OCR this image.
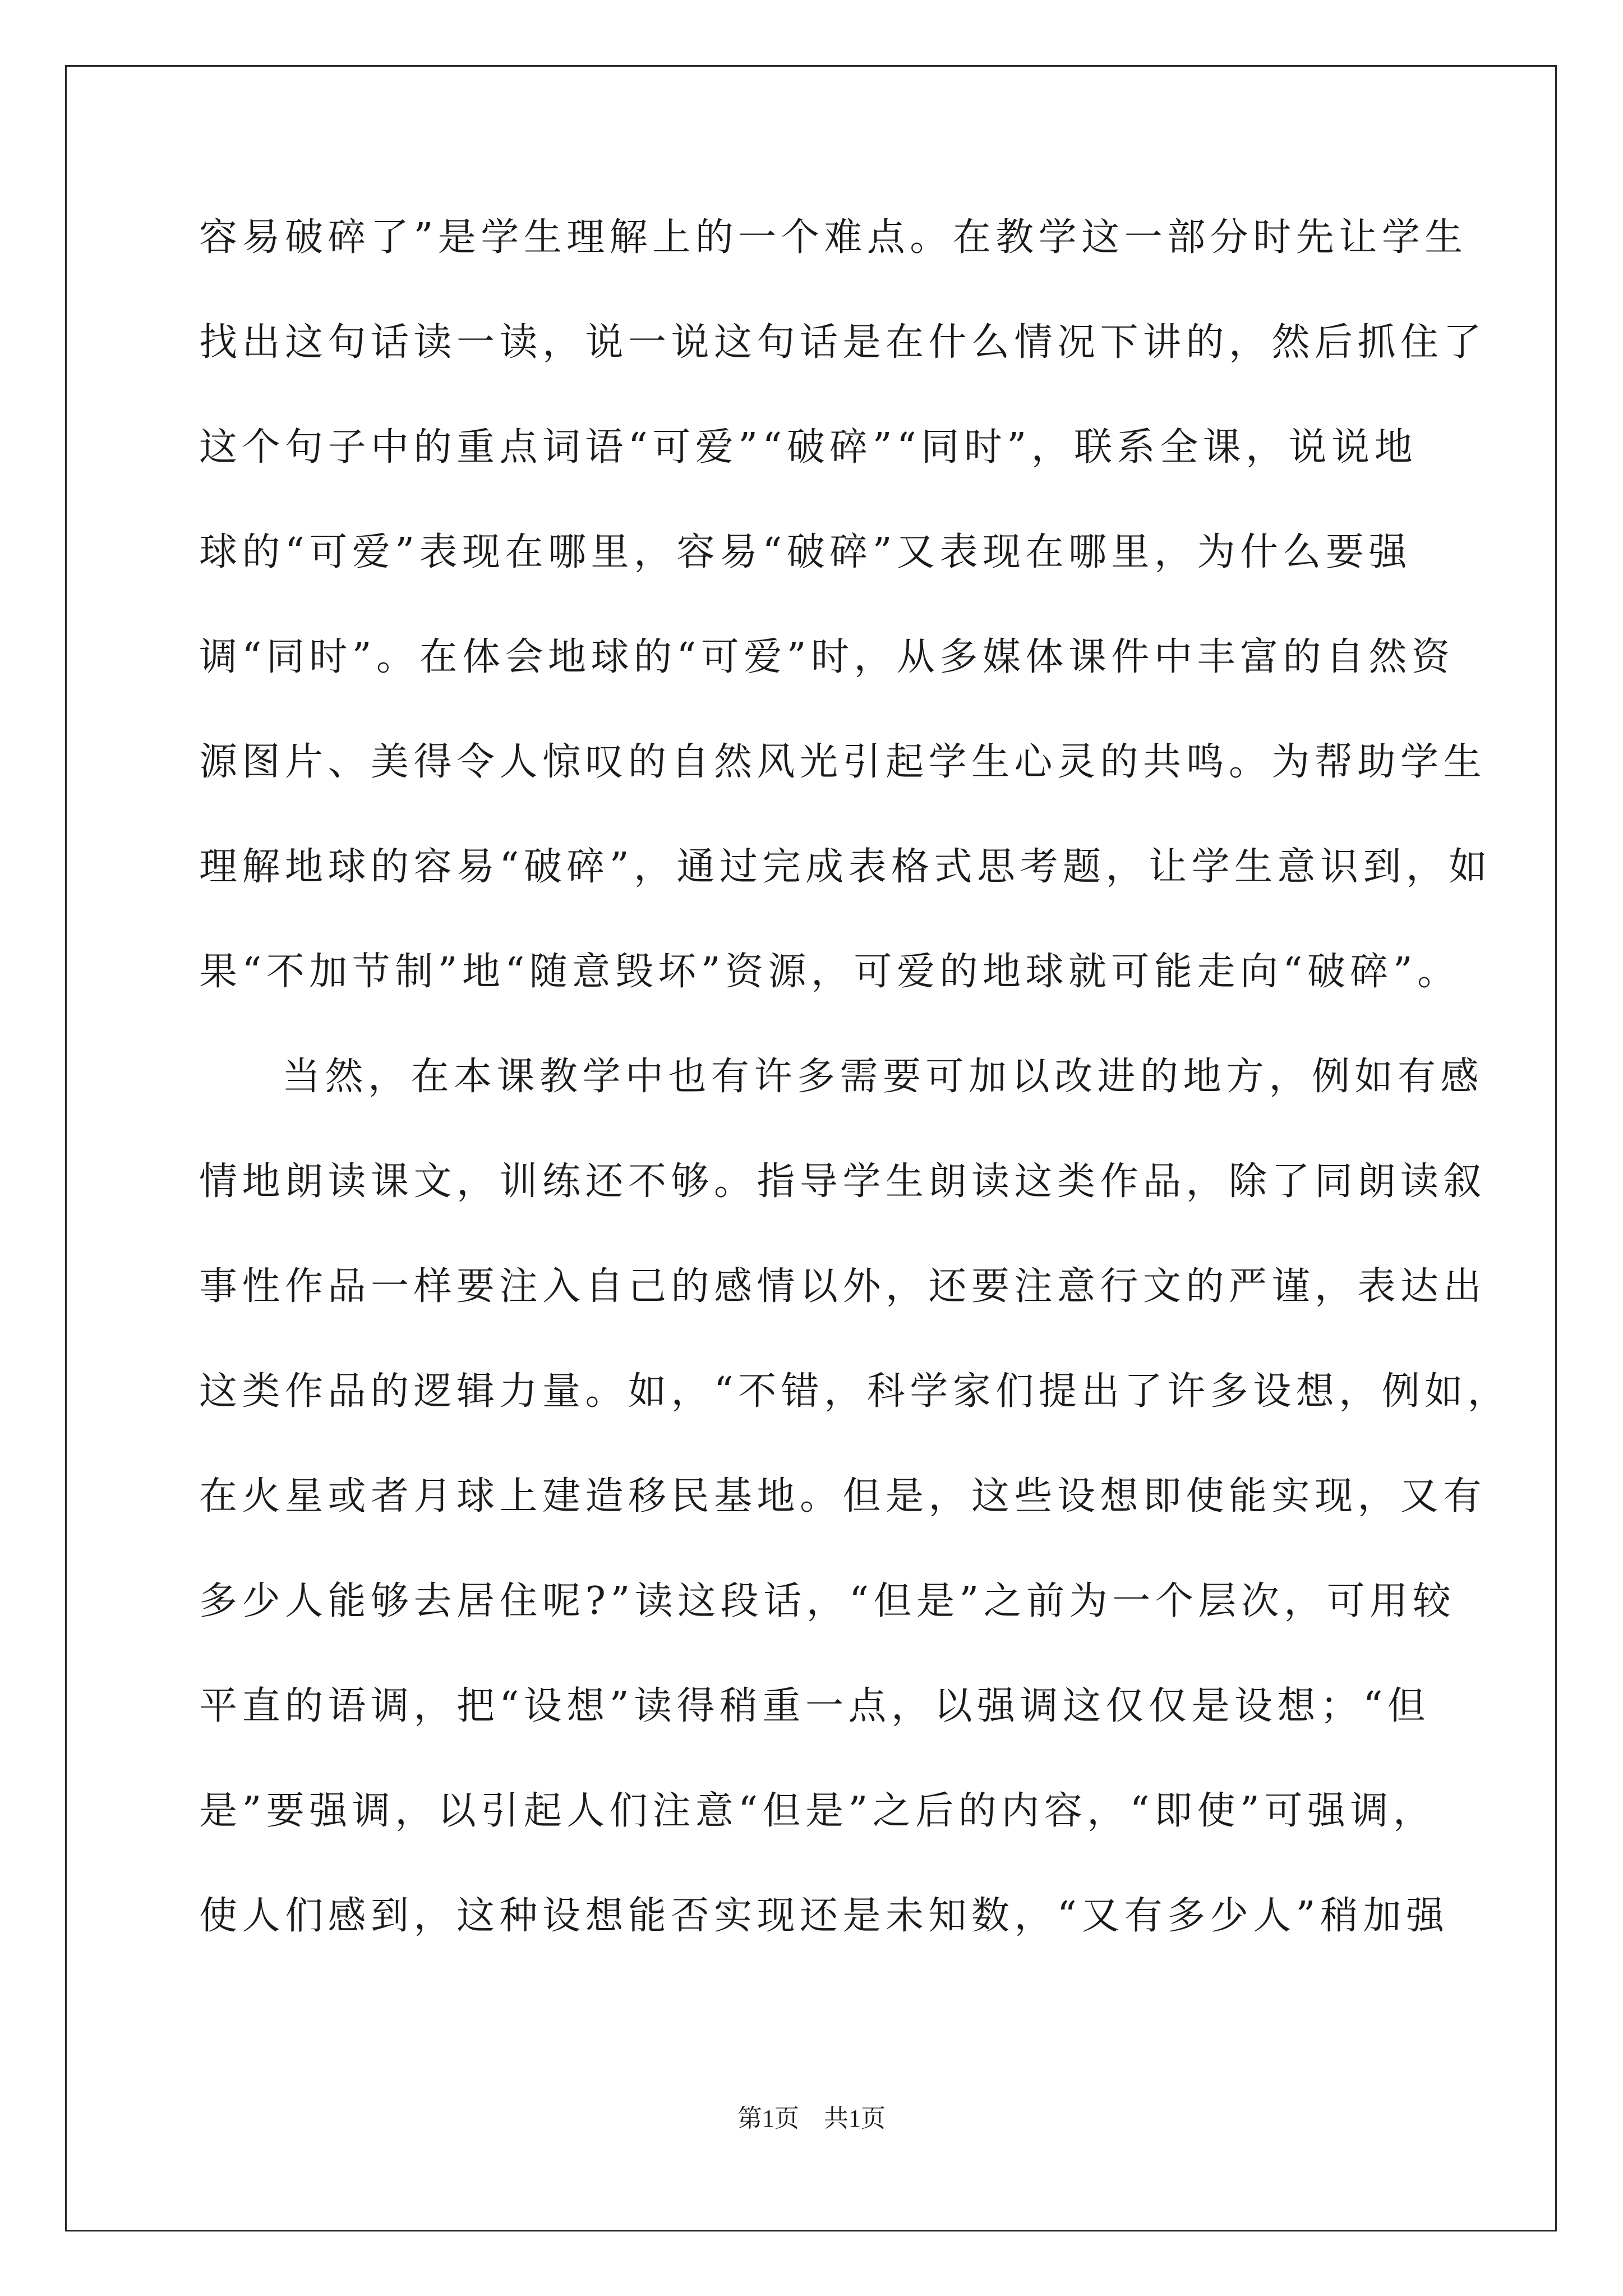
容易破碎了”是学生理解上的一个难点。在教学这一部分时先让学生
找出这句话读一读，说一说这句话是在什么情况下讲的，然后抓住了
这个句子中的重点词语“可爱”“破碎”“同时”，联系全课，说说地
球的“可爱”表现在哪里，容易“破碎”又表现在哪里，为什么要强
调“同时”。在体会地球的“可爱”时，从多媒体课件中丰富的自然资
源图片、美得令人惊叹的自然风光引起学生心灵的共鸣。为帮助学生
理解地球的容易“破碎”，通过完成表格式思考题，让学生意识到，如
果“不加节制”地“随意毁坏”资源，可爱的地球就可能走向“破碎”。
当然，在本课教学中也有许多需要可加以改进的地方，例如有感
情地朗读课文，训练还不够。指导学生朗读这类作品，除了同朗读叙
事性作品一样要注入自己的感情以外，还要注意行文的严谨，表达出
这类作品的逻辑力量。如，“不错，科学家们提出了许多设想，例如，
在火星或者月球上建造移民基地。但是，这些设想即使能实现，又有
多少人能够去居住呢?”读这段话，“但是”之前为一个层次，可用较
平直的语调，把“设想”读得稍重一点，以强调这仅仅是设想；“但
是”要强调，以引起人们注意“但是”之后的内容，“即使”可强调，
使人们感到，这种设想能否实现还是未知数，“又有多少人”稍加强
第1页　共1页
